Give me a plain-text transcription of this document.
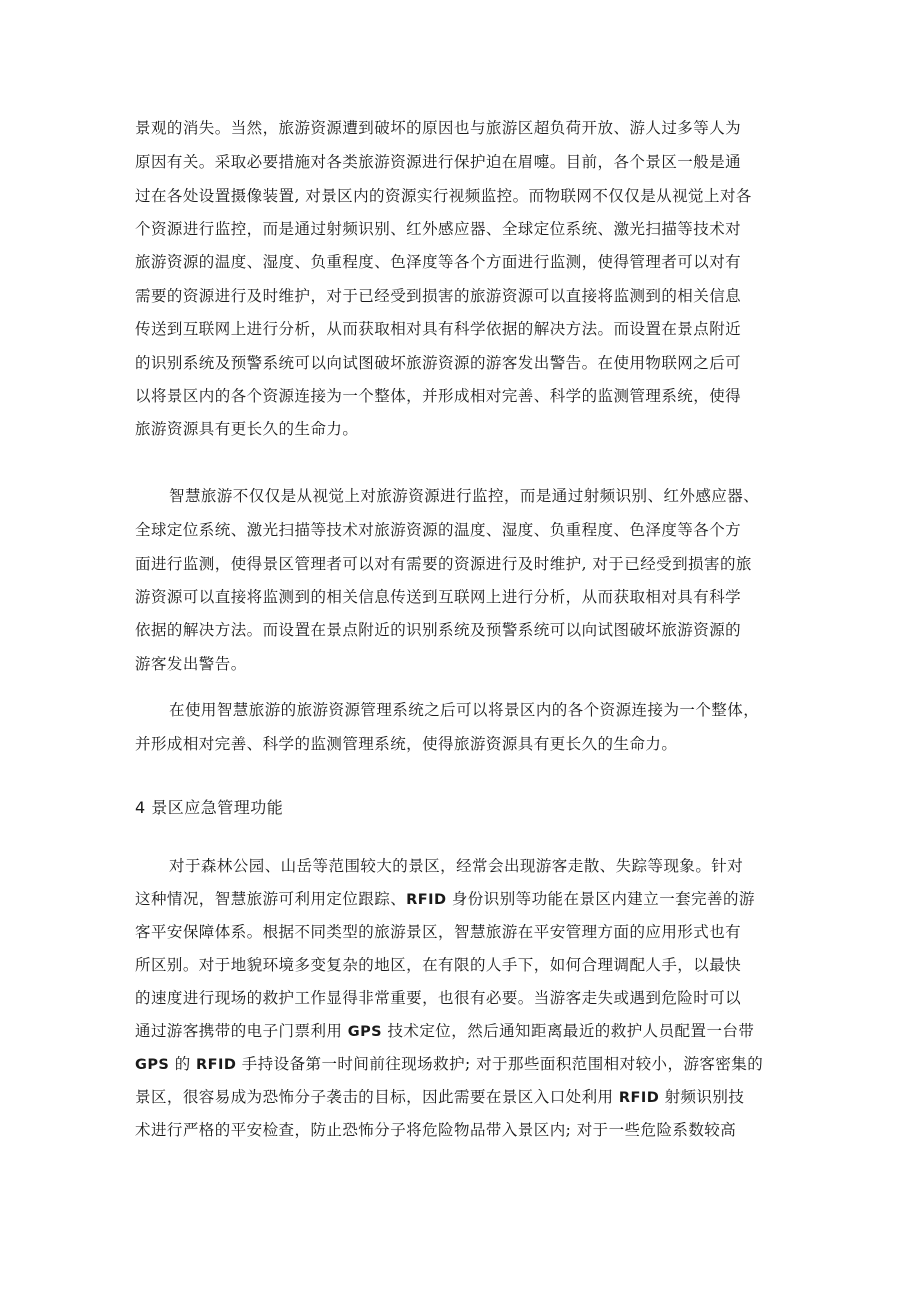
景观的消失。当然，旅游资源遭到破坏的原因也与旅游区超负荷开放、游人过多等人为
原因有关。采取必要措施对各类旅游资源进行保护迫在眉嚏。目前，各个景区一般是通
过在各处设置摄像装置, 对景区内的资源实行视频监控。而物联网不仅仅是从视觉上对各
个资源进行监控，而是通过射频识别、红外感应器、全球定位系统、激光扫描等技术对
旅游资源的温度、湿度、负重程度、色泽度等各个方面进行监测，使得管理者可以对有
需要的资源进行及时维护，对于已经受到损害的旅游资源可以直接将监测到的相关信息
传送到互联网上进行分析，从而获取相对具有科学依据的解决方法。而设置在景点附近
的识别系统及预警系统可以向试图破坏旅游资源的游客发出警告。在使用物联网之后可
以将景区内的各个资源连接为一个整体，并形成相对完善、科学的监测管理系统，使得
旅游资源具有更长久的生命力。
智慧旅游不仅仅是从视觉上对旅游资源进行监控，而是通过射频识别、红外感应器、
全球定位系统、激光扫描等技术对旅游资源的温度、湿度、负重程度、色泽度等各个方
面进行监测，使得景区管理者可以对有需要的资源进行及时维护, 对于已经受到损害的旅
游资源可以直接将监测到的相关信息传送到互联网上进行分析，从而获取相对具有科学
依据的解决方法。而设置在景点附近的识别系统及预警系统可以向试图破坏旅游资源的
游客发出警告。
在使用智慧旅游的旅游资源管理系统之后可以将景区内的各个资源连接为一个整体，
并形成相对完善、科学的监测管理系统，使得旅游资源具有更长久的生命力。
4 景区应急管理功能
对于森林公园、山岳等范围较大的景区，经常会出现游客走散、失踪等现象。针对
这种情况，智慧旅游可利用定位跟踪、RFID 身份识别等功能在景区内建立一套完善的游
客平安保障体系。根据不同类型的旅游景区，智慧旅游在平安管理方面的应用形式也有
所区别。对于地貌环境多变复杂的地区，在有限的人手下，如何合理调配人手，以最快
的速度进行现场的救护工作显得非常重要，也很有必要。当游客走失或遇到危险时可以
通过游客携带的电子门票利用 GPS 技术定位，然后通知距离最近的救护人员配置一台带
GPS 的 RFID 手持设备第一时间前往现场救护; 对于那些面积范围相对较小，游客密集的
景区，很容易成为恐怖分子袭击的目标，因此需要在景区入口处利用 RFID 射频识别技
术进行严格的平安检查，防止恐怖分子将危险物品带入景区内; 对于一些危险系数较高
